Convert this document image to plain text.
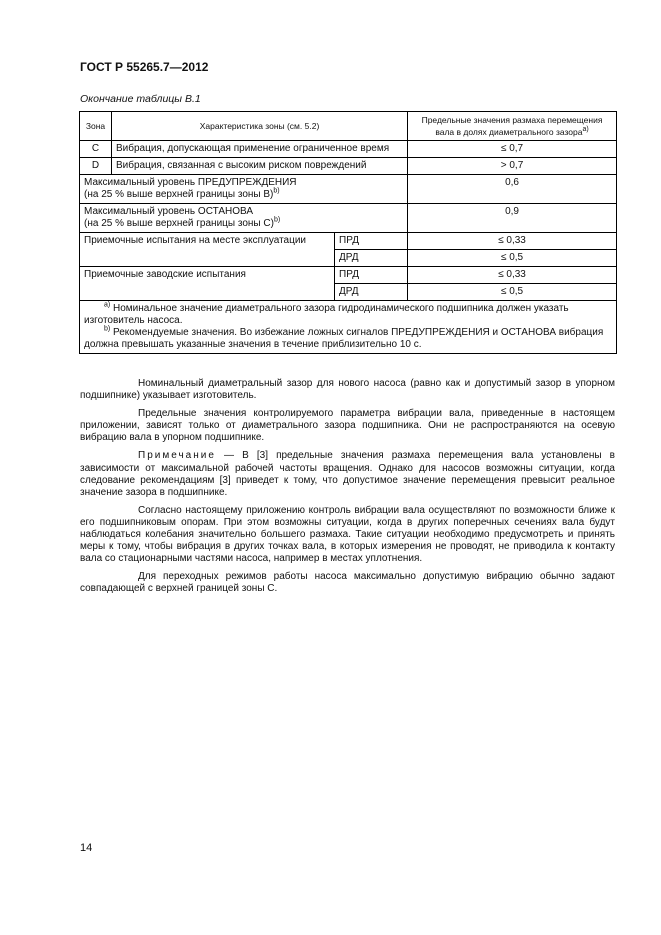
ГОСТ Р 55265.7—2012
Окончание таблицы В.1
Зона	Характеристика зоны (см. 5.2)		Предельные значения размаха перемещения вала в долях диаметрального зазора$^{а)}$
C	Вибрация, допускающая применение ограниченное время		≤ 0,7
D	Вибрация, связанная с высоким риском повреждений		> 0,7
Максимальный уровень ПРЕДУПРЕЖДЕНИЯ
(на 25 % выше верхней границы зоны В)$^{b)}$			0,6
Максимальный уровень ОСТАНОВА
(на 25 % выше верхней границы зоны С)$^{b)}$			0,9
Приемочные испытания на месте эксплуатации		ПРД	≤ 0,33
		ДРД	≤ 0,5
Приемочные заводские испытания		ПРД	≤ 0,33
		ДРД	≤ 0,5

$^{а)}$ Номинальное значение диаметрального зазора гидродинамического подшипника должен указать изготовитель насоса.
$^{b)}$ Рекомендуемые значения. Во избежание ложных сигналов ПРЕДУПРЕЖДЕНИЯ и ОСТАНОВА вибрация должна превышать указанные значения в течение приблизительно 10 с.			

Номинальный диаметральный зазор для нового насоса (равно как и допустимый зазор в упорном подшипнике) указывает изготовитель.

Предельные значения контролируемого параметра вибрации вала, приведенные в настоящем приложении, зависят только от диаметрального зазора подшипника. Они не распространяются на осевую вибрацию вала в упорном подшипнике.

Примечание — В [3] предельные значения размаха перемещения вала установлены в зависимости от максимальной рабочей частоты вращения. Однако для насосов возможны ситуации, когда следование рекомендациям [3] приведет к тому, что допустимое значение перемещения превысит реальное значение зазора в подшипнике.

Согласно настоящему приложению контроль вибрации вала осуществляют по возможности ближе к его подшипниковым опорам. При этом возможны ситуации, когда в других поперечных сечениях вала будут наблюдаться колебания значительно большего размаха. Такие ситуации необходимо предусмотреть и принять меры к тому, чтобы вибрация в других точках вала, в которых измерения не проводят, не приводила к контакту вала со стационарными частями насоса, например в местах уплотнения.

Для переходных режимов работы насоса максимально допустимую вибрацию обычно задают совпадающей с верхней границей зоны С.

14
